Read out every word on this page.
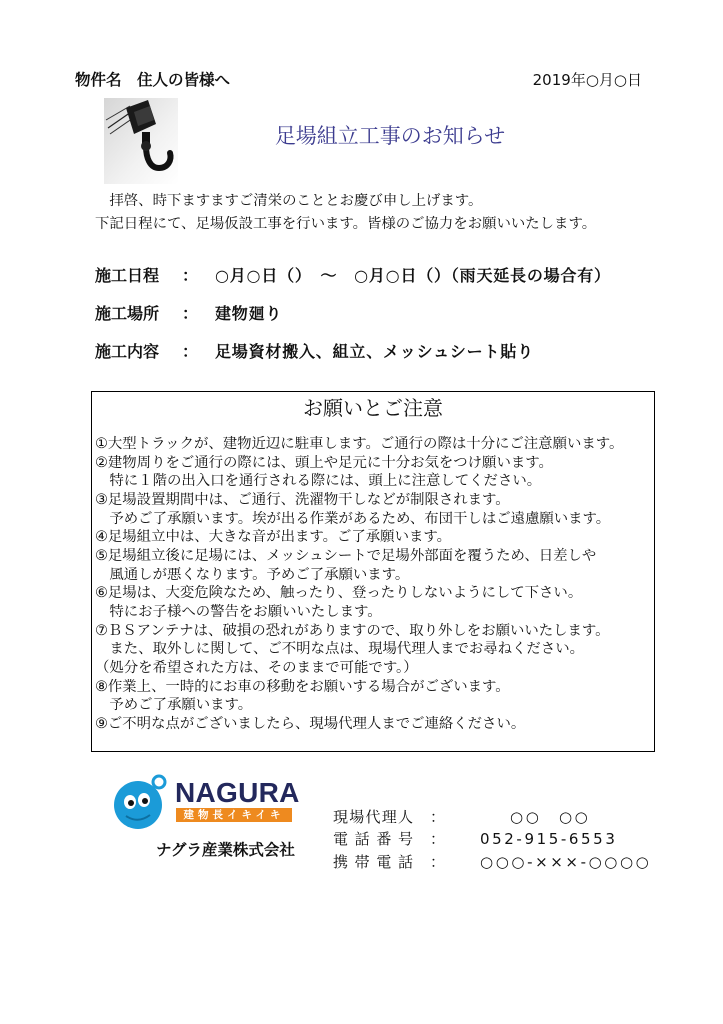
物件名　住人の皆様へ	2019年○月○日
足場組立工事のお知らせ
　拝啓、時下ますますご清栄のこととお慶び申し上げます。
下記日程にて、足場仮設工事を行います。皆様のご協力をお願いいたします。
施工日程 ： ○月○日（）　～　○月○日（）（雨天延長の場合有）
施工場所 ： 建物廻り
施工内容 ： 足場資材搬入、組立、メッシュシート貼り
お願いとご注意
①大型トラックが、建物近辺に駐車します。ご通行の際は十分にご注意願います。
②建物周りをご通行の際には、頭上や足元に十分お気をつけ願います。
　特に１階の出入口を通行される際には、頭上に注意してください。
③足場設置期間中は、ご通行、洗濯物干しなどが制限されます。
　予めご了承願います。埃が出る作業があるため、布団干しはご遠慮願います。
④足場組立中は、大きな音が出ます。ご了承願います。
⑤足場組立後に足場には、メッシュシートで足場外部面を覆うため、日差しや
　風通しが悪くなります。予めご了承願います。
⑥足場は、大変危険なため、触ったり、登ったりしないようにして下さい。
　特にお子様への警告をお願いいたします。
⑦ＢＳアンテナは、破損の恐れがありますので、取り外しをお願いいたします。
　また、取外しに関して、ご不明な点は、現場代理人までお尋ねください。
（処分を希望された方は、そのままで可能です。）
⑧作業上、一時的にお車の移動をお願いする場合がございます。
　予めご了承願います。
⑨ご不明な点がございましたら、現場代理人までご連絡ください。
NAGURA
建物長イキイキ
ナグラ産業株式会社
現場代理人 ：	○○　○○
電話番号 ： 052-915-6553
携帯電話 ： ○○○-×××-○○○○
